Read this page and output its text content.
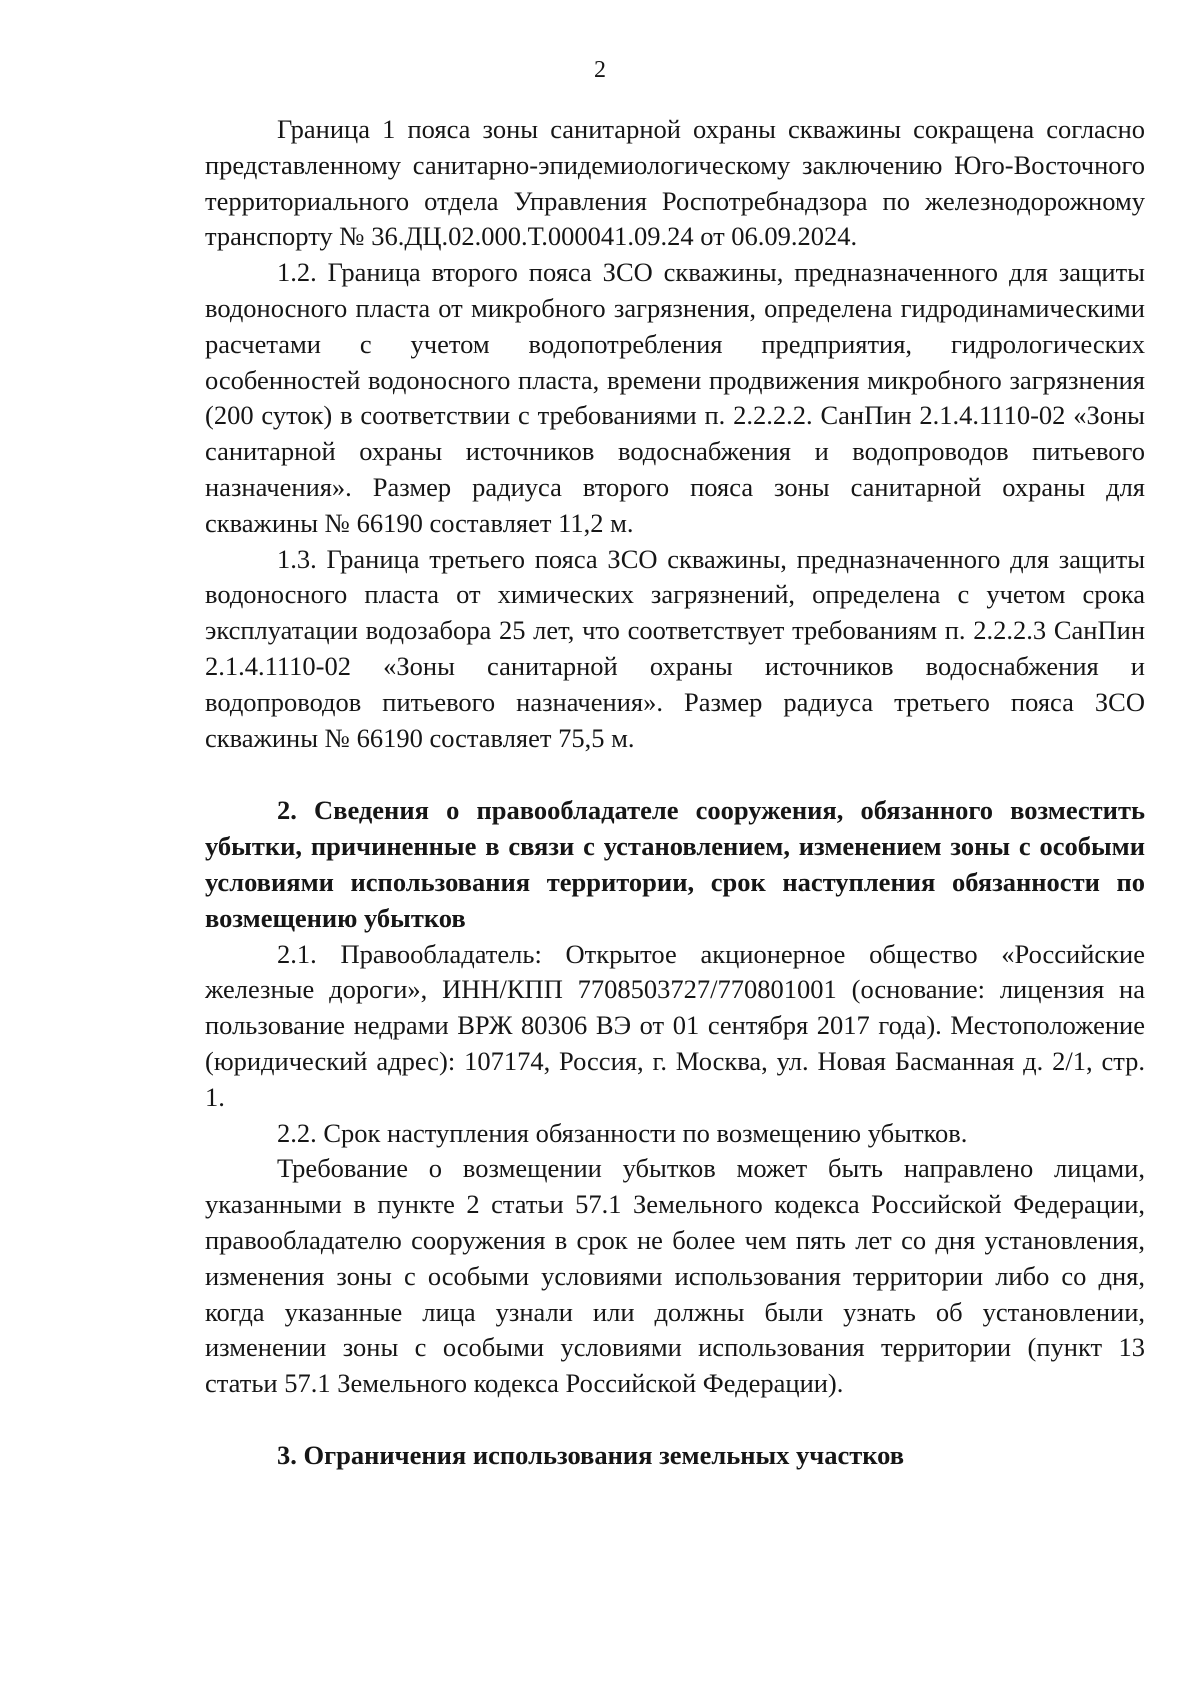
2

Граница 1 пояса зоны санитарной охраны скважины сокращена согласно представленному санитарно-эпидемиологическому заключению Юго-Восточного территориального отдела Управления Роспотребнадзора по железнодорожному транспорту № 36.ДЦ.02.000.Т.000041.09.24 от 06.09.2024.

1.2. Граница второго пояса ЗСО скважины, предназначенного для защиты водоносного пласта от микробного загрязнения, определена гидродинамическими расчетами с учетом водопотребления предприятия, гидрологических особенностей водоносного пласта, времени продвижения микробного загрязнения (200 суток) в соответствии с требованиями п. 2.2.2.2. СанПин 2.1.4.1110-02 «Зоны санитарной охраны источников водоснабжения и водопроводов питьевого назначения». Размер радиуса второго пояса зоны санитарной охраны для скважины № 66190 составляет 11,2 м.

1.3. Граница третьего пояса ЗСО скважины, предназначенного для защиты водоносного пласта от химических загрязнений, определена с учетом срока эксплуатации водозабора 25 лет, что соответствует требованиям п. 2.2.2.3 СанПин 2.1.4.1110-02 «Зоны санитарной охраны источников водоснабжения и водопроводов питьевого назначения». Размер радиуса третьего пояса ЗСО скважины № 66190 составляет 75,5 м.

2. Сведения о правообладателе сооружения, обязанного возместить убытки, причиненные в связи с установлением, изменением зоны с особыми условиями использования территории, срок наступления обязанности по возмещению убытков

2.1. Правообладатель: Открытое акционерное общество «Российские железные дороги», ИНН/КПП 7708503727/770801001 (основание: лицензия на пользование недрами ВРЖ 80306 ВЭ от 01 сентября 2017 года). Местоположение (юридический адрес): 107174, Россия, г. Москва, ул. Новая Басманная д. 2/1, стр. 1.

2.2. Срок наступления обязанности по возмещению убытков.

Требование о возмещении убытков может быть направлено лицами, указанными в пункте 2 статьи 57.1 Земельного кодекса Российской Федерации, правообладателю сооружения в срок не более чем пять лет со дня установления, изменения зоны с особыми условиями использования территории либо со дня, когда указанные лица узнали или должны были узнать об установлении, изменении зоны с особыми условиями использования территории (пункт 13 статьи 57.1 Земельного кодекса Российской Федерации).

3. Ограничения использования земельных участков
